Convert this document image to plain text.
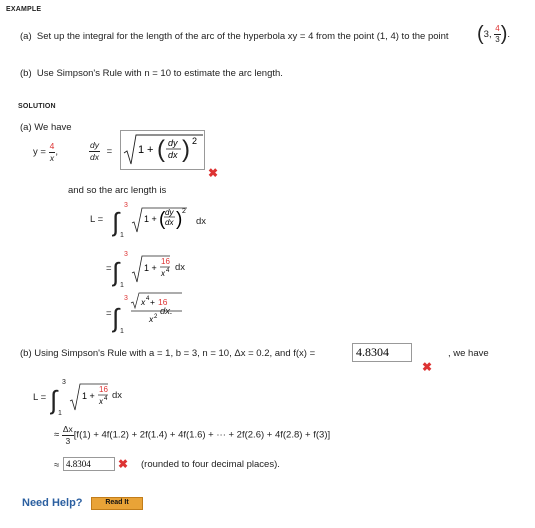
EXAMPLE
(a) Set up the integral for the length of the arc of the hyperbola xy = 4 from the point (1, 4) to the point (3, $\frac{4}{3}$ ).
(b) Use Simpson's Rule with n = 10 to estimate the arc length.
SOLUTION
(a) We have
$y = \frac{4}{x}$ ,	$\frac{dy}{dx} = 1$ + ( dy
dx ) 2
✖
and so the arc length is
L = ∫
3
1
1 + ( dy
dx ) 2
dx
= ∫
3
1
1 +
16
x 4 dx
= ∫
3
1
x 4 + 16
x 2 dx.
(b) Using Simpson's Rule with a = 1, b = 3, n = 10, Δx = 0.2, and f(x) =
4.8304
✖
, we have
L = ∫
3
1
1 +
16
x 4 dx
≈ $\frac{\Delta x}{3} [f(1) + 4f(1.2) + 2f(1.4) + 4f(1.6)$ + ··· + 2f(2.6) + 4f(2.8) + f(3)]
≈
4.8304	✖ (rounded to four decimal places).
Need Help?	Read It
